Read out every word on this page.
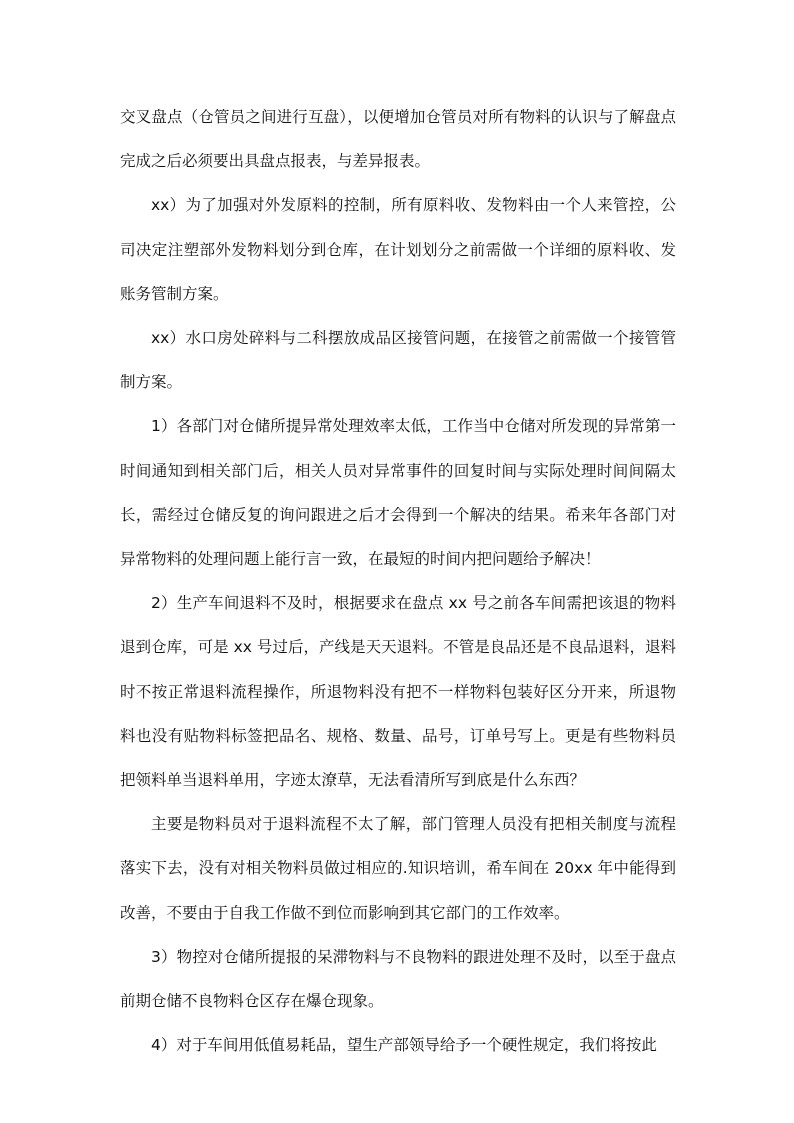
交叉盘点（仓管员之间进行互盘），以便增加仓管员对所有物料的认识与了解盘点完成之后必须要出具盘点报表，与差异报表。

xx）为了加强对外发原料的控制，所有原料收、发物料由一个人来管控，公司决定注塑部外发物料划分到仓库，在计划划分之前需做一个详细的原料收、发账务管制方案。

xx）水口房处碎料与二科摆放成品区接管问题，在接管之前需做一个接管管制方案。

1）各部门对仓储所提异常处理效率太低，工作当中仓储对所发现的异常第一时间通知到相关部门后，相关人员对异常事件的回复时间与实际处理时间间隔太长，需经过仓储反复的询问跟进之后才会得到一个解决的结果。希来年各部门对异常物料的处理问题上能行言一致，在最短的时间内把问题给予解决！

2）生产车间退料不及时，根据要求在盘点 xx 号之前各车间需把该退的物料退到仓库，可是 xx 号过后，产线是天天退料。不管是良品还是不良品退料，退料时不按正常退料流程操作，所退物料没有把不一样物料包装好区分开来，所退物料也没有贴物料标签把品名、规格、数量、品号，订单号写上。更是有些物料员把领料单当退料单用，字迹太潦草，无法看清所写到底是什么东西？

主要是物料员对于退料流程不太了解，部门管理人员没有把相关制度与流程落实下去，没有对相关物料员做过相应的.知识培训，希车间在 20xx 年中能得到改善，不要由于自我工作做不到位而影响到其它部门的工作效率。

3）物控对仓储所提报的呆滞物料与不良物料的跟进处理不及时，以至于盘点前期仓储不良物料仓区存在爆仓现象。

4）对于车间用低值易耗品，望生产部领导给予一个硬性规定，我们将按此
